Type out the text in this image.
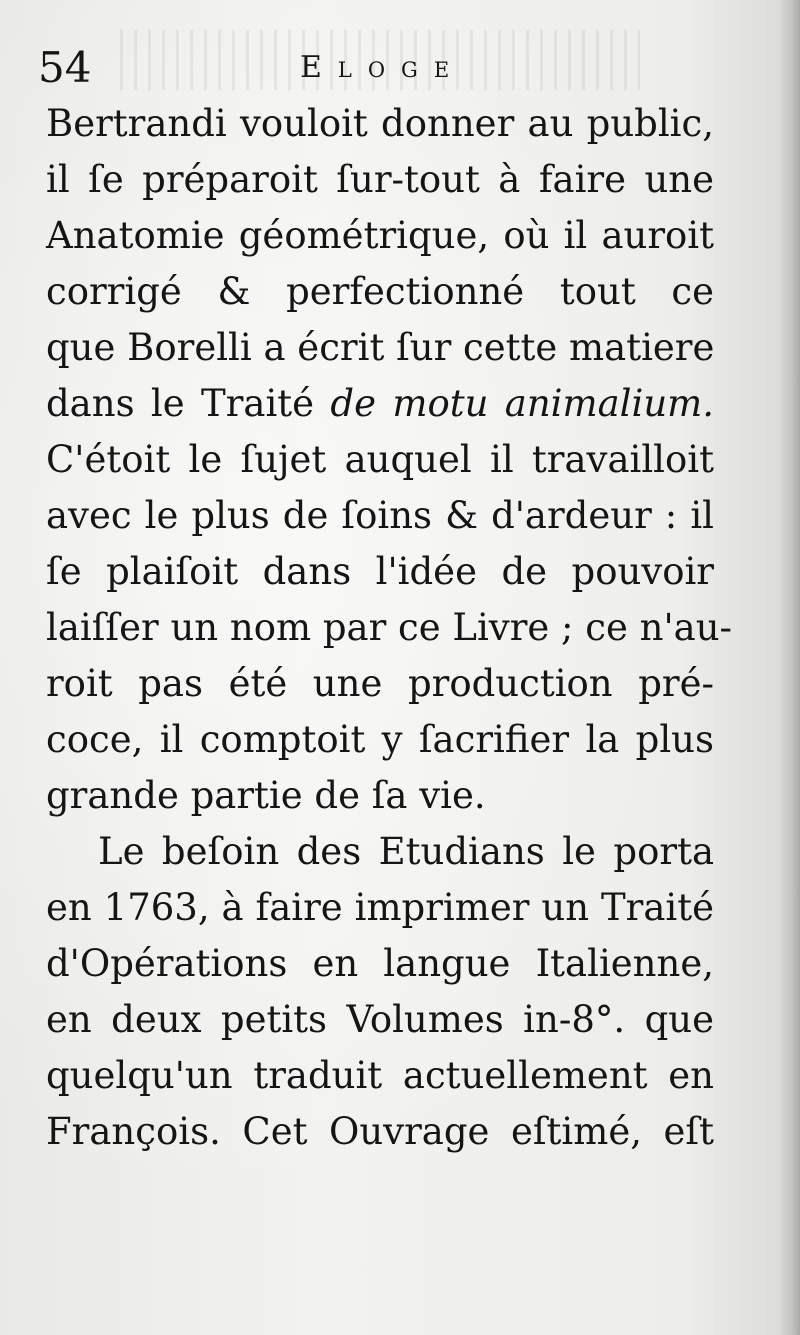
54	Eloge
Bertrandi vouloit donner au public,
il ſe préparoit ſur-tout à faire une
Anatomie géométrique, où il auroit
corrigé & perfectionné tout ce
que Borelli a écrit ſur cette matiere
dans le Traité de motu animalium.
C'étoit le ſujet auquel il travailloit
avec le plus de ſoins & d'ardeur : il
ſe plaiſoit dans l'idée de pouvoir
laiſſer un nom par ce Livre ; ce n'au-
roit pas été une production pré-
coce, il comptoit y ſacrifier la plus
grande partie de ſa vie.
Le beſoin des Etudians le porta
en 1763, à faire imprimer un Traité
d'Opérations en langue Italienne,
en deux petits Volumes in-8°. que
quelqu'un traduit actuellement en
François. Cet Ouvrage eſtimé, eſt
